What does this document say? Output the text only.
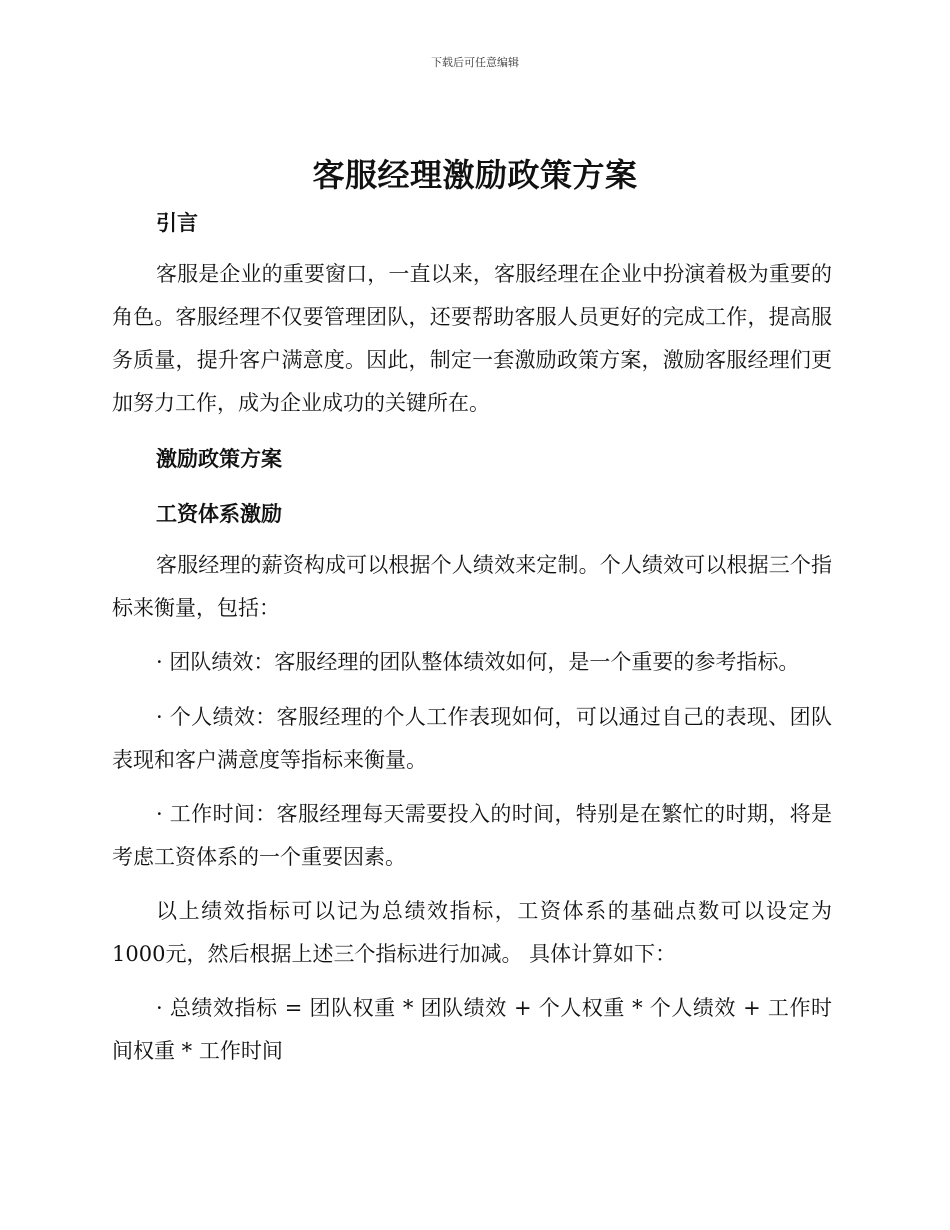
下载后可任意编辑
客服经理激励政策方案
引言

客服是企业的重要窗口，一直以来，客服经理在企业中扮演着极为重要的角色。客服经理不仅要管理团队，还要帮助客服人员更好的完成工作，提高服务质量，提升客户满意度。因此，制定一套激励政策方案，激励客服经理们更加努力工作，成为企业成功的关键所在。

激励政策方案
工资体系激励

客服经理的薪资构成可以根据个人绩效来定制。个人绩效可以根据三个指标来衡量，包括：

· 团队绩效：客服经理的团队整体绩效如何，是一个重要的参考指标。

· 个人绩效：客服经理的个人工作表现如何，可以通过自己的表现、团队表现和客户满意度等指标来衡量。

· 工作时间：客服经理每天需要投入的时间，特别是在繁忙的时期，将是考虑工资体系的一个重要因素。

以上绩效指标可以记为总绩效指标，工资体系的基础点数可以设定为1000元，然后根据上述三个指标进行加减。 具体计算如下：

· 总绩效指标 = 团队权重 * 团队绩效 + 个人权重 * 个人绩效 + 工作时间权重 * 工作时间
